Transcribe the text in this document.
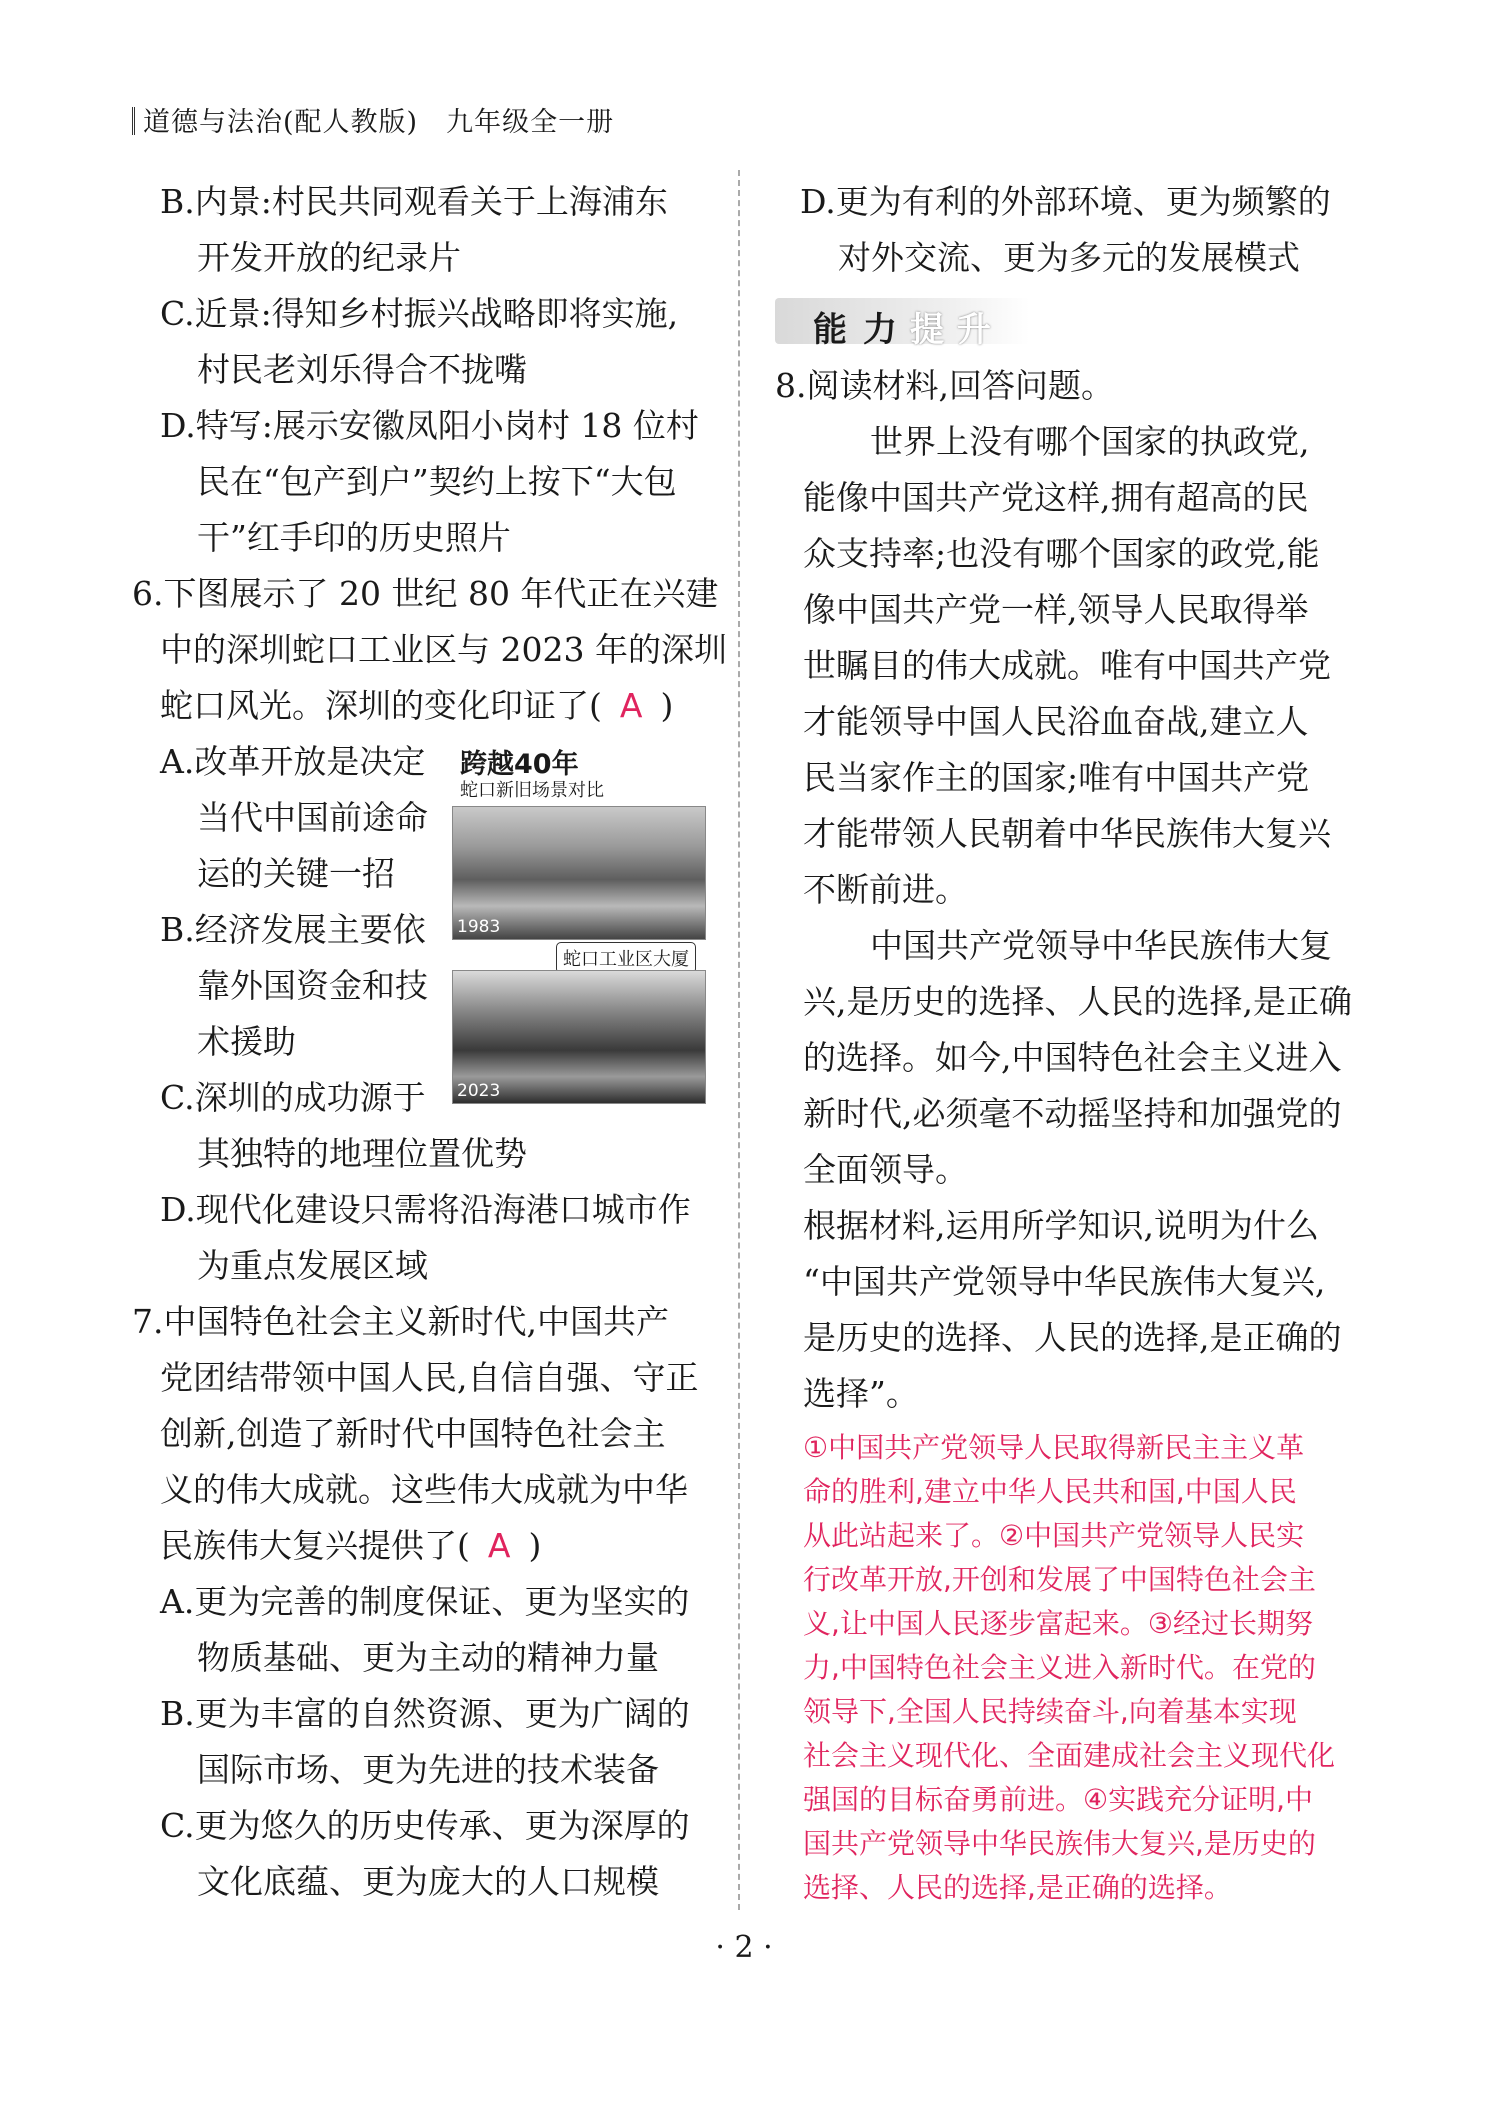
道德与法治(配人教版)　九年级全一册
B.内景:村民共同观看关于上海浦东
开发开放的纪录片
C.近景:得知乡村振兴战略即将实施,
村民老刘乐得合不拢嘴
D.特写:展示安徽凤阳小岗村 18 位村
民在“包产到户”契约上按下“大包
干”红手印的历史照片
6.下图展示了 20 世纪 80 年代正在兴建
中的深圳蛇口工业区与 2023 年的深圳
蛇口风光。深圳的变化印证了( A )
A.改革开放是决定
当代中国前途命
运的关键一招
B.经济发展主要依
靠外国资金和技
术援助
C.深圳的成功源于
其独特的地理位置优势
D.现代化建设只需将沿海港口城市作
为重点发展区域
7.中国特色社会主义新时代,中国共产
党团结带领中国人民,自信自强、守正
创新,创造了新时代中国特色社会主
义的伟大成就。这些伟大成就为中华
民族伟大复兴提供了( A )
A.更为完善的制度保证、更为坚实的
物质基础、更为主动的精神力量
B.更为丰富的自然资源、更为广阔的
国际市场、更为先进的技术装备
C.更为悠久的历史传承、更为深厚的
文化底蕴、更为庞大的人口规模
跨越40年
蛇口新旧场景对比
1983
蛇口工业区大厦
2023
D.更为有利的外部环境、更为频繁的
对外交流、更为多元的发展模式
能 力 提 升
8.阅读材料,回答问题。
世界上没有哪个国家的执政党,
能像中国共产党这样,拥有超高的民
众支持率;也没有哪个国家的政党,能
像中国共产党一样,领导人民取得举
世瞩目的伟大成就。唯有中国共产党
才能领导中国人民浴血奋战,建立人
民当家作主的国家;唯有中国共产党
才能带领人民朝着中华民族伟大复兴
不断前进。
中国共产党领导中华民族伟大复
兴,是历史的选择、人民的选择,是正确
的选择。如今,中国特色社会主义进入
新时代,必须毫不动摇坚持和加强党的
全面领导。
根据材料,运用所学知识,说明为什么
“中国共产党领导中华民族伟大复兴,
是历史的选择、人民的选择,是正确的
选择”。
①中国共产党领导人民取得新民主主义革
命的胜利,建立中华人民共和国,中国人民
从此站起来了。②中国共产党领导人民实
行改革开放,开创和发展了中国特色社会主
义,让中国人民逐步富起来。③经过长期努
力,中国特色社会主义进入新时代。在党的
领导下,全国人民持续奋斗,向着基本实现
社会主义现代化、全面建成社会主义现代化
强国的目标奋勇前进。④实践充分证明,中
国共产党领导中华民族伟大复兴,是历史的
选择、人民的选择,是正确的选择。
· 2 ·
